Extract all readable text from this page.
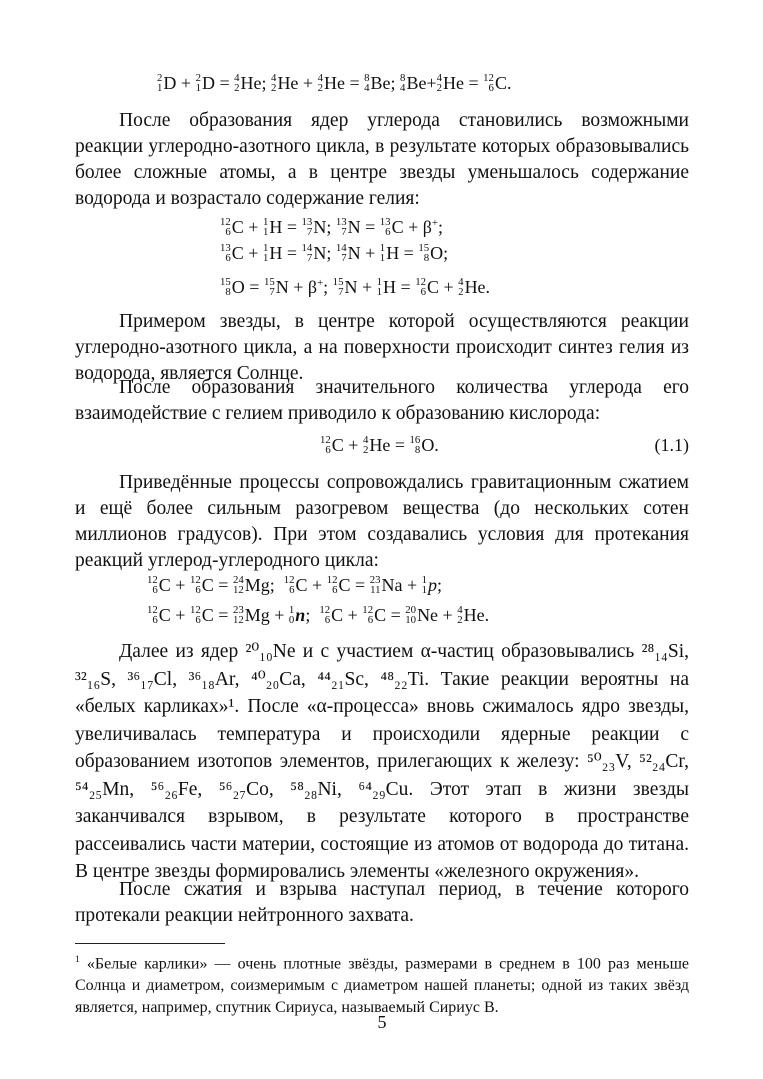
2
1 D + 2
1 D = 4
2 He; 4
2 He + 4
2 He = 8
4 Be; 8
4 Be+ 4
2 He = 12
6 C.

После образования ядер углерода становились возможными реакции углеродно-азотного цикла, в результате которых образовывались более сложные атомы, а в центре звезды уменьшалось содержание водорода и возрастало содержание гелия:

12
6 C + 1
1 H = 13
7 N; 13
7 N = 13
6 C + β+;
13
6 C + 1
1 H = 14
7 N; 14
7 N + 1
1 H = 15
8 O;
15
8 O = 15
7 N + β+; 15
7 N + 1
1 H = 12
6 C + 4
2 He.

Примером звезды, в центре которой осуществляются реакции углеродно-азотного цикла, а на поверхности происходит синтез гелия из водорода, является Солнце.

После образования значительного количества углерода его взаимодействие с гелием приводило к образованию кислорода:

12
6 C + 4
2 He = 16
8 O.	(1.1)

Приведённые процессы сопровождались гравитационным сжатием и ещё более сильным разогревом вещества (до нескольких сотен миллионов градусов). При этом создавались условия для протекания реакций углерод-углеродного цикла:

12
6 C + 12
6 C = 24
12 Mg; 12
6 C + 12
6 C = 23
11 Na + 1
1 p;
12
6 C + 12
6 C = 23
12 Mg + 1
0 n; 12
6 C + 12
6 C = 20
10 Ne + 4
2 He.

Далее из ядер ²⁰₁₀Ne и с участием α-частиц образовывались ²⁸₁₄Si, ³²₁₆S, ³⁶₁₇Cl, ³⁶₁₈Ar, ⁴⁰₂₀Ca, ⁴⁴₂₁Sc, ⁴⁸₂₂Ti. Такие реакции вероятны на «белых карликах»¹. После «α-процесса» вновь сжималось ядро звезды, увеличивалась температура и происходили ядерные реакции с образованием изотопов элементов, прилегающих к железу: ⁵⁰₂₃V, ⁵²₂₄Cr, ⁵⁴₂₅Mn, ⁵⁶₂₆Fe, ⁵⁶₂₇Co, ⁵⁸₂₈Ni, ⁶⁴₂₉Cu. Этот этап в жизни звезды заканчивался взрывом, в результате которого в пространстве рассеивались части материи, состоящие из атомов от водорода до титана. В центре звезды формировались элементы «железного окружения».

После сжатия и взрыва наступал период, в течение которого протекали реакции нейтронного захвата.

$^1$ «Белые карлики» — очень плотные звёзды, размерами в среднем в 100 раз меньше Солнца и диаметром, соизмеримым с диаметром нашей планеты; одной из таких звёзд является, например, спутник Сириуса, называемый Сириус В.

5
